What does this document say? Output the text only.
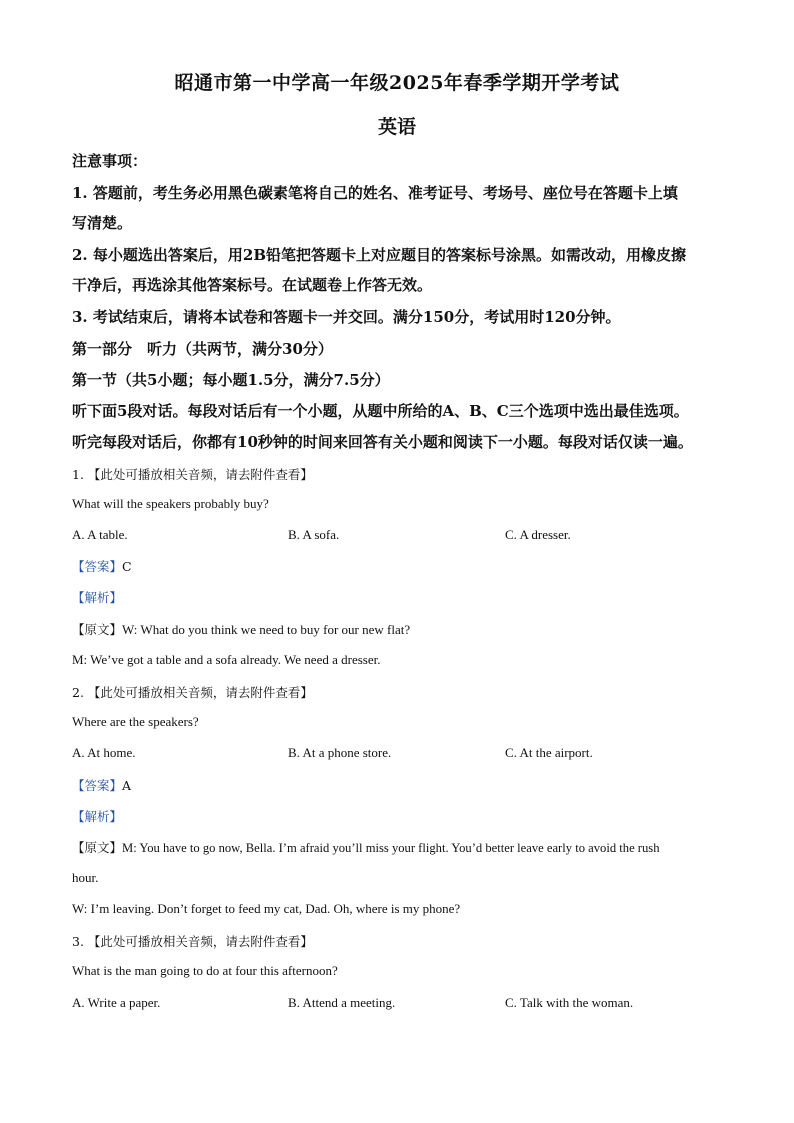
昭通市第一中学高一年级2025年春季学期开学考试
英语
注意事项：
1. 答题前，考生务必用黑色碳素笔将自己的姓名、准考证号、考场号、座位号在答题卡上填
写清楚。
2. 每小题选出答案后，用2B铅笔把答题卡上对应题目的答案标号涂黑。如需改动，用橡皮擦
干净后，再选涂其他答案标号。在试题卷上作答无效。
3. 考试结束后，请将本试卷和答题卡一并交回。满分150分，考试用时120分钟。
第一部分　听力（共两节，满分30分）
第一节（共5小题；每小题1.5分，满分7.5分）
听下面5段对话。每段对话后有一个小题，从题中所给的A、B、C三个选项中选出最佳选项。
听完每段对话后，你都有10秒钟的时间来回答有关小题和阅读下一小题。每段对话仅读一遍。
1. 【此处可播放相关音频，请去附件查看】
What will the speakers probably buy?
A. A table.	B. A sofa.	C. A dresser.
【答案】C
【解析】
【原文】W: What do you think we need to buy for our new flat?
M: We’ve got a table and a sofa already. We need a dresser.
2. 【此处可播放相关音频，请去附件查看】
Where are the speakers?
A. At home.	B. At a phone store.	C. At the airport.
【答案】A
【解析】
【原文】M: You have to go now, Bella. I’m afraid you’ll miss your flight. You’d better leave early to avoid the rush
hour.
W: I’m leaving. Don’t forget to feed my cat, Dad. Oh, where is my phone?
3. 【此处可播放相关音频，请去附件查看】
What is the man going to do at four this afternoon?
A. Write a paper.	B. Attend a meeting.	C. Talk with the woman.
